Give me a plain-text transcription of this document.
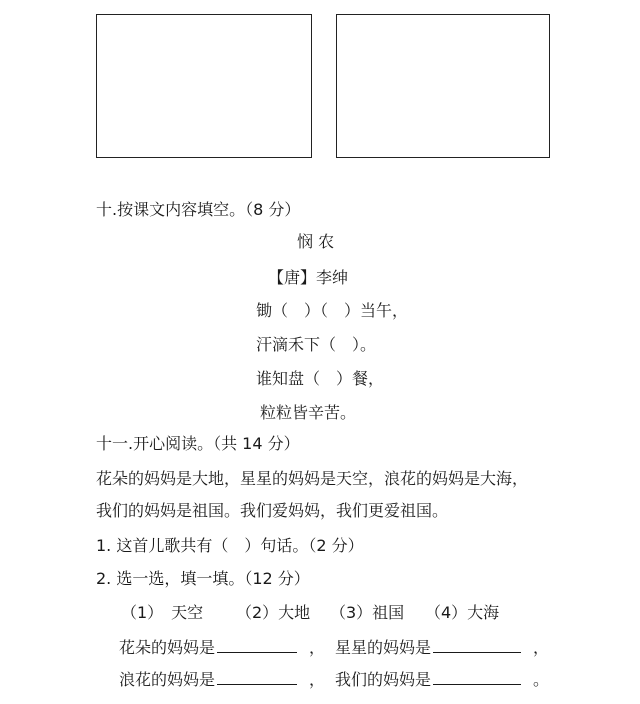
十.按课文内容填空。（8 分）
悯 农
【唐】李绅
锄（　）（　）当午，
汗滴禾下（　）。
谁知盘（　）餐，
粒粒皆辛苦。
十一.开心阅读。（共 14 分）
花朵的妈妈是大地，星星的妈妈是天空，浪花的妈妈是大海，
我们的妈妈是祖国。我们爱妈妈，我们更爱祖国。
1. 这首儿歌共有（　）句话。（2 分）
2. 选一选，填一填。（12 分）
（1）　天空 （2）大地 （3）祖国 （4）大海
花朵的妈妈是	， 星星的妈妈是	，
浪花的妈妈是	， 我们的妈妈是	。
